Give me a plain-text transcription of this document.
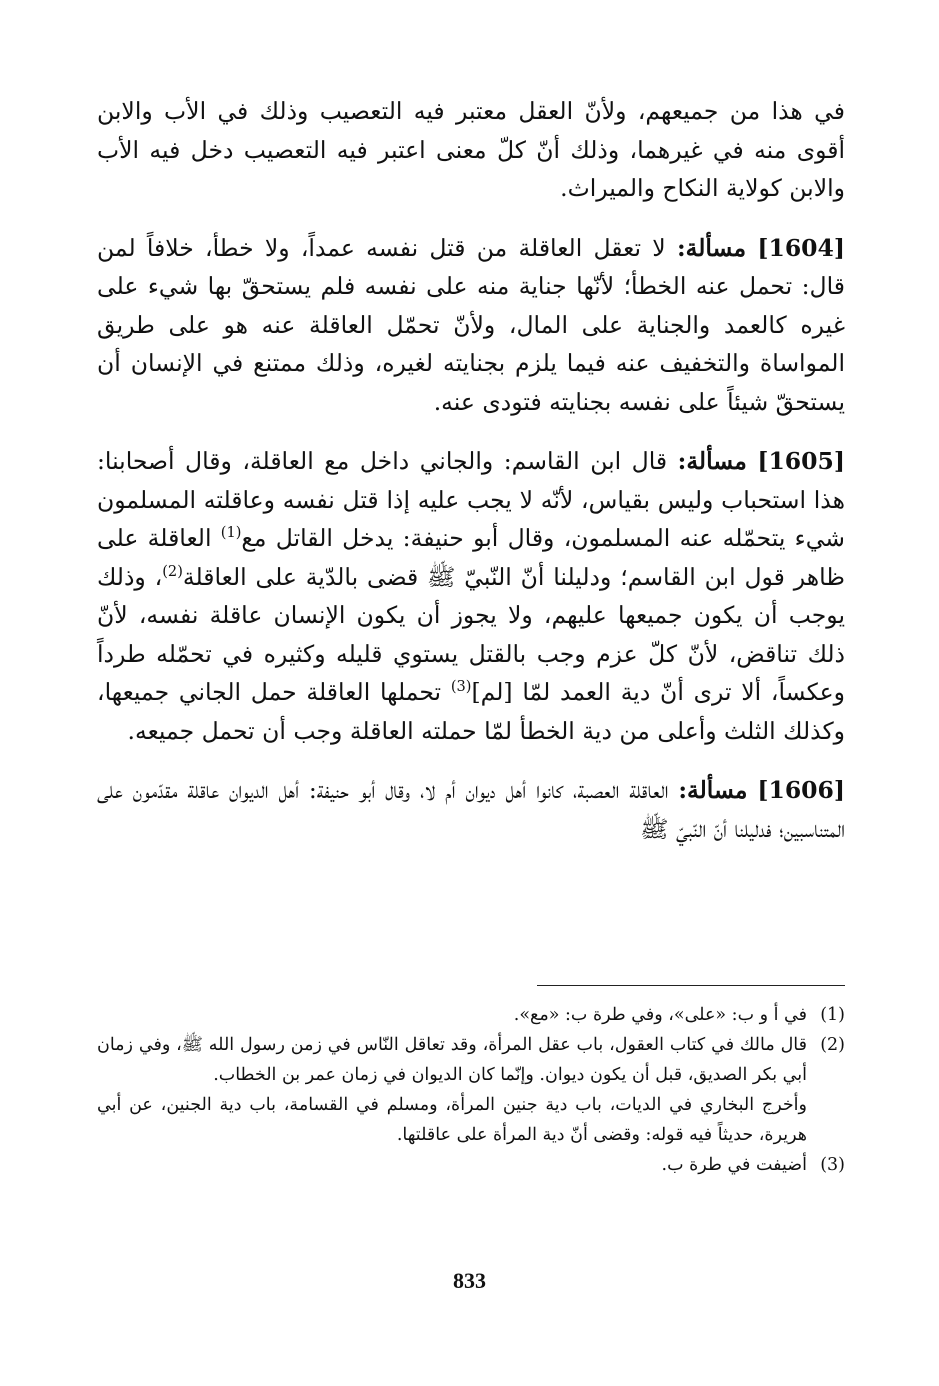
في هذا من جميعهم، ولأنّ العقل معتبر فيه التعصيب وذلك في الأب والابن أقوى منه في غيرهما، وذلك أنّ كلّ معنى اعتبر فيه التعصيب دخل فيه الأب والابن كولاية النكاح والميراث.

[1604] مسألة: لا تعقل العاقلة من قتل نفسه عمداً، ولا خطأ، خلافاً لمن قال: تحمل عنه الخطأ؛ لأنّها جناية منه على نفسه فلم يستحقّ بها شيء على غيره كالعمد والجناية على المال، ولأنّ تحمّل العاقلة عنه هو على طريق المواساة والتخفيف عنه فيما يلزم بجنايته لغيره، وذلك ممتنع في الإنسان أن يستحقّ شيئاً على نفسه بجنايته فتودى عنه.

[1605] مسألة: قال ابن القاسم: والجاني داخل مع العاقلة، وقال أصحابنا: هذا استحباب وليس بقياس، لأنّه لا يجب عليه إذا قتل نفسه وعاقلته المسلمون شيء يتحمّله عنه المسلمون، وقال أبو حنيفة: يدخل القاتل مع$^{(1)}$ العاقلة على ظاهر قول ابن القاسم؛ ودليلنا أنّ النّبيّ ﷺ قضى بالدّية على العاقلة$^{(2)}$، وذلك يوجب أن يكون جميعها عليهم، ولا يجوز أن يكون الإنسان عاقلة نفسه، لأنّ ذلك تناقض، لأنّ كلّ عزم وجب بالقتل يستوي قليله وكثيره في تحمّله طرداً وعكساً، ألا ترى أنّ دية العمد لمّا [لم]$^{(3)}$ تحملها العاقلة حمل الجاني جميعها، وكذلك الثلث وأعلى من دية الخطأ لمّا حملته العاقلة وجب أن تحمل جميعه.

[1606] مسألة: العاقلة العصبة، كانوا أهل ديوان أم لا، وقال أبو حنيفة: أهل الديوان عاقلة مقدّمون على المتناسبين؛ فدليلنا أنّ النّبيّ ﷺ

(1)
في أ و ب: «على»، وفي طرة ب: «مع».
(2)
قال مالك في كتاب العقول، باب عقل المرأة، وقد تعاقل النّاس في زمن رسول الله ﷺ، وفي زمان أبي بكر الصديق، قبل أن يكون ديوان. وإنّما كان الديوان في زمان عمر بن الخطاب.
وأخرج البخاري في الديات، باب دية جنين المرأة، ومسلم في القسامة، باب دية الجنين، عن أبي هريرة، حديثاً فيه قوله: وقضى أنّ دية المرأة على عاقلتها.
(3)
أضيفت في طرة ب.
833
